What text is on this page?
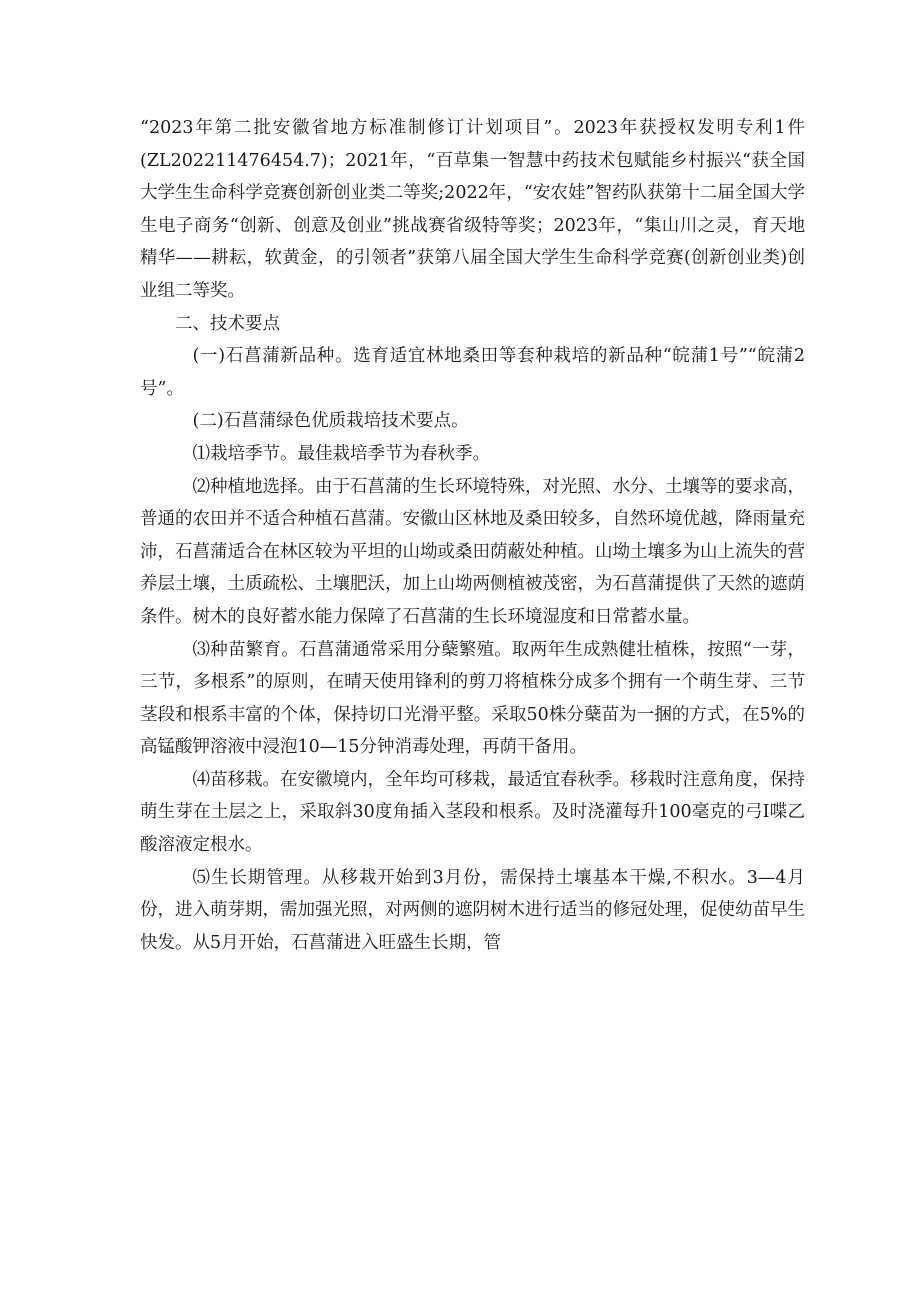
“2023年第二批安徽省地方标准制修订计划项目”。2023年获授权发明专利1件(ZL202211476454.7)；2021年，“百草集一智慧中药技术包赋能乡村振兴“获全国大学生生命科学竞赛创新创业类二等奖;2022年，“安农娃”智药队获第十二届全国大学生电子商务“创新、创意及创业”挑战赛省级特等奖；2023年，“集山川之灵，育天地精华——耕耘，软黄金，的引领者”获第八届全国大学生生命科学竞赛(创新创业类)创业组二等奖。

二、技术要点

(一)石菖蒲新品种。选育适宜林地桑田等套种栽培的新品种“皖蒲1号”“皖蒲2号”。

(二)石菖蒲绿色优质栽培技术要点。

⑴栽培季节。最佳栽培季节为春秋季。

⑵种植地选择。由于石菖蒲的生长环境特殊，对光照、水分、土壤等的要求高，普通的农田并不适合种植石菖蒲。安徽山区林地及桑田较多，自然环境优越，降雨量充沛，石菖蒲适合在林区较为平坦的山坳或桑田荫蔽处种植。山坳土壤多为山上流失的营养层土壤，土质疏松、土壤肥沃，加上山坳两侧植被茂密，为石菖蒲提供了天然的遮荫条件。树木的良好蓄水能力保障了石菖蒲的生长环境湿度和日常蓄水量。

⑶种苗繁育。石菖蒲通常采用分蘖繁殖。取两年生成熟健壮植株，按照“一芽，三节，多根系”的原则，在晴天使用锋利的剪刀将植株分成多个拥有一个萌生芽、三节茎段和根系丰富的个体，保持切口光滑平整。采取50株分蘖苗为一捆的方式，在5%的高锰酸钾溶液中浸泡10—15分钟消毒处理，再荫干备用。

⑷苗移栽。在安徽境内，全年均可移栽，最适宜春秋季。移栽时注意角度，保持萌生芽在土层之上，采取斜30度角插入茎段和根系。及时浇灌每升100毫克的弓Ⅰ喋乙酸溶液定根水。

⑸生长期管理。从移栽开始到3月份，需保持土壤基本干燥,不积水。3—4月份，进入萌芽期，需加强光照，对两侧的遮阴树木进行适当的修冠处理，促使幼苗早生快发。从5月开始，石菖蒲进入旺盛生长期，管
